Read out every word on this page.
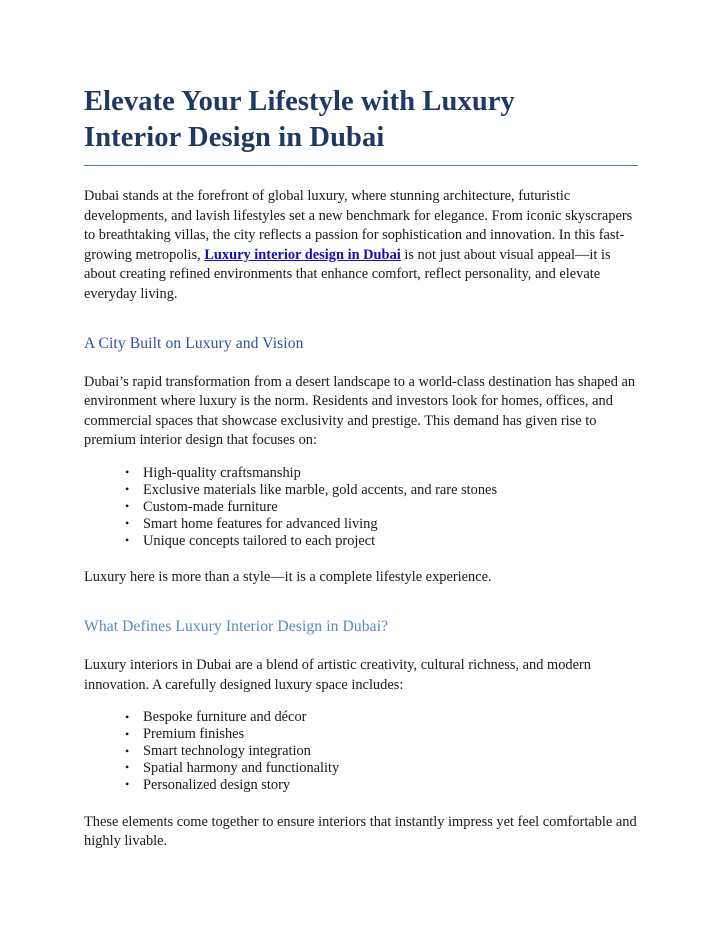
Elevate Your Lifestyle with Luxury Interior Design in Dubai

Dubai stands at the forefront of global luxury, where stunning architecture, futuristic developments, and lavish lifestyles set a new benchmark for elegance. From iconic skyscrapers to breathtaking villas, the city reflects a passion for sophistication and innovation. In this fast-growing metropolis, Luxury interior design in Dubai is not just about visual appeal—it is about creating refined environments that enhance comfort, reflect personality, and elevate everyday living.

A City Built on Luxury and Vision

Dubai’s rapid transformation from a desert landscape to a world-class destination has shaped an environment where luxury is the norm. Residents and investors look for homes, offices, and commercial spaces that showcase exclusivity and prestige. This demand has given rise to premium interior design that focuses on:

• High-quality craftsmanship
• Exclusive materials like marble, gold accents, and rare stones
• Custom-made furniture
• Smart home features for advanced living
• Unique concepts tailored to each project

Luxury here is more than a style—it is a complete lifestyle experience.

What Defines Luxury Interior Design in Dubai?

Luxury interiors in Dubai are a blend of artistic creativity, cultural richness, and modern innovation. A carefully designed luxury space includes:

• Bespoke furniture and décor
• Premium finishes
• Smart technology integration
• Spatial harmony and functionality
• Personalized design story

These elements come together to ensure interiors that instantly impress yet feel comfortable and highly livable.
